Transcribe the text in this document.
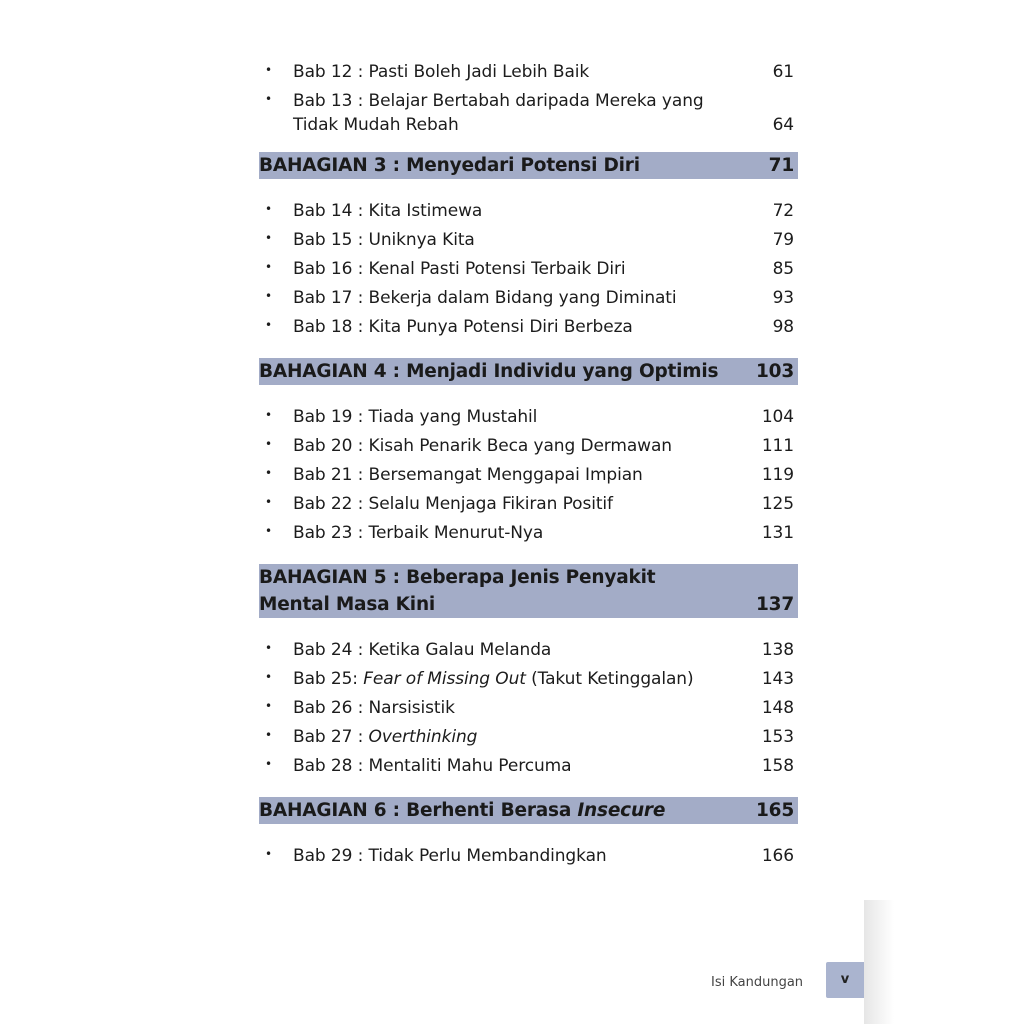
• Bab 12 : Pasti Boleh Jadi Lebih Baik	61
• Bab 13 : Belajar Bertabah daripada Mereka yang
Tidak Mudah Rebah	64
BAHAGIAN 3 : Menyedari Potensi Diri	71
• Bab 14 : Kita Istimewa	72
• Bab 15 : Uniknya Kita	79
• Bab 16 : Kenal Pasti Potensi Terbaik Diri	85
• Bab 17 : Bekerja dalam Bidang yang Diminati	93
• Bab 18 : Kita Punya Potensi Diri Berbeza	98
BAHAGIAN 4 : Menjadi Individu yang Optimis 103
• Bab 19 : Tiada yang Mustahil	104
• Bab 20 : Kisah Penarik Beca yang Dermawan	111
• Bab 21 : Bersemangat Menggapai Impian	119
• Bab 22 : Selalu Menjaga Fikiran Positif	125
• Bab 23 : Terbaik Menurut-Nya	131
BAHAGIAN 5 : Beberapa Jenis Penyakit
Mental Masa Kini	137
• Bab 24 : Ketika Galau Melanda	138
• Bab 25: Fear of Missing Out (Takut Ketinggalan)	143
• Bab 26 : Narsisistik	148
• Bab 27 : Overthinking	153
• Bab 28 : Mentaliti Mahu Percuma	158
BAHAGIAN 6 : Berhenti Berasa Insecure	165
• Bab 29 : Tidak Perlu Membandingkan	166
Isi Kandungan	v
